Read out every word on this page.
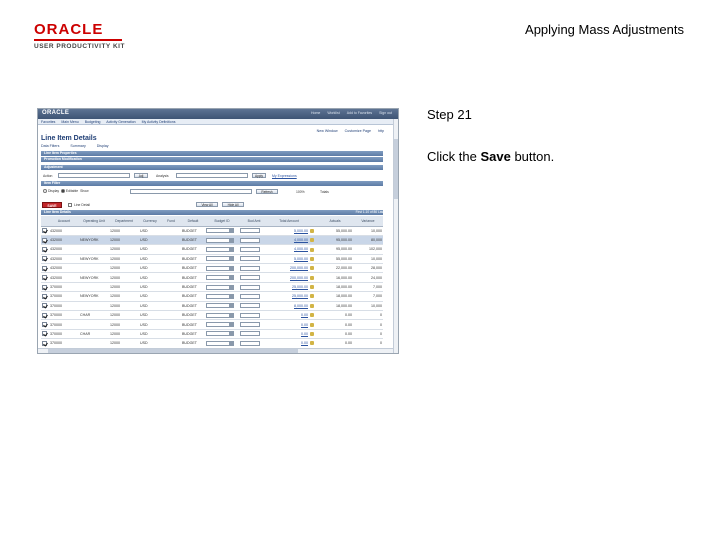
ORACLE
USER PRODUCTIVITY KIT
Applying Mass Adjustments
Step 21
Click the Save button.
ORACLE	Home Worklist Add to Favorites Sign out
Favorites Main Menu Budgeting Activity Generation My Activity Definitions
New Window Customize Page http
Line Item Details
Data Filters	Summary	Display
Line Item Properties
Promotion Modification
Adjustment
Action	Adj	Analysis	Apply	My Expressions
Item Filter
Display Editable Show	Refresh	100%	Totals
SAVE	Line Detail	View All	Hide All
Line Item Details	First 1-10 of 86 Last
	Account	Operating Unit	Department	Currency	Fund	Default	Budget ID	Bud Amt	Total Amount		Actuals	Variance
	432000		12000	USD		BUDGET			5,000.00		55,000.00	10,000
	432000	NEWYORK	12000	USD		BUDGET			4,000.00		95,000.00	80,000
	432000		12000	USD		BUDGET			4,000.00		95,000.00	102,000
	432000	NEWYORK	12000	USD		BUDGET			5,000.00		55,000.00	10,000
	432000		12000	USD		BUDGET			200,000.00		22,000.00	28,000
	432000	NEWYORK	12000	USD		BUDGET			200,000.00		16,000.00	24,000
	370000		12000	USD		BUDGET			25,000.00		18,000.00	7,000
	370000	NEWYORK	12000	USD		BUDGET			25,000.00		18,000.00	7,000
	370000		12000	USD		BUDGET			8,000.00		18,000.00	10,000
	370000	CHAR	12000	USD		BUDGET			0.00		0.00	0
	370000		12000	USD		BUDGET			0.00		0.00	0
	370000	CHAR	12000	USD		BUDGET			0.00		0.00	0
	370000		12000	USD		BUDGET			0.00		0.00	0
